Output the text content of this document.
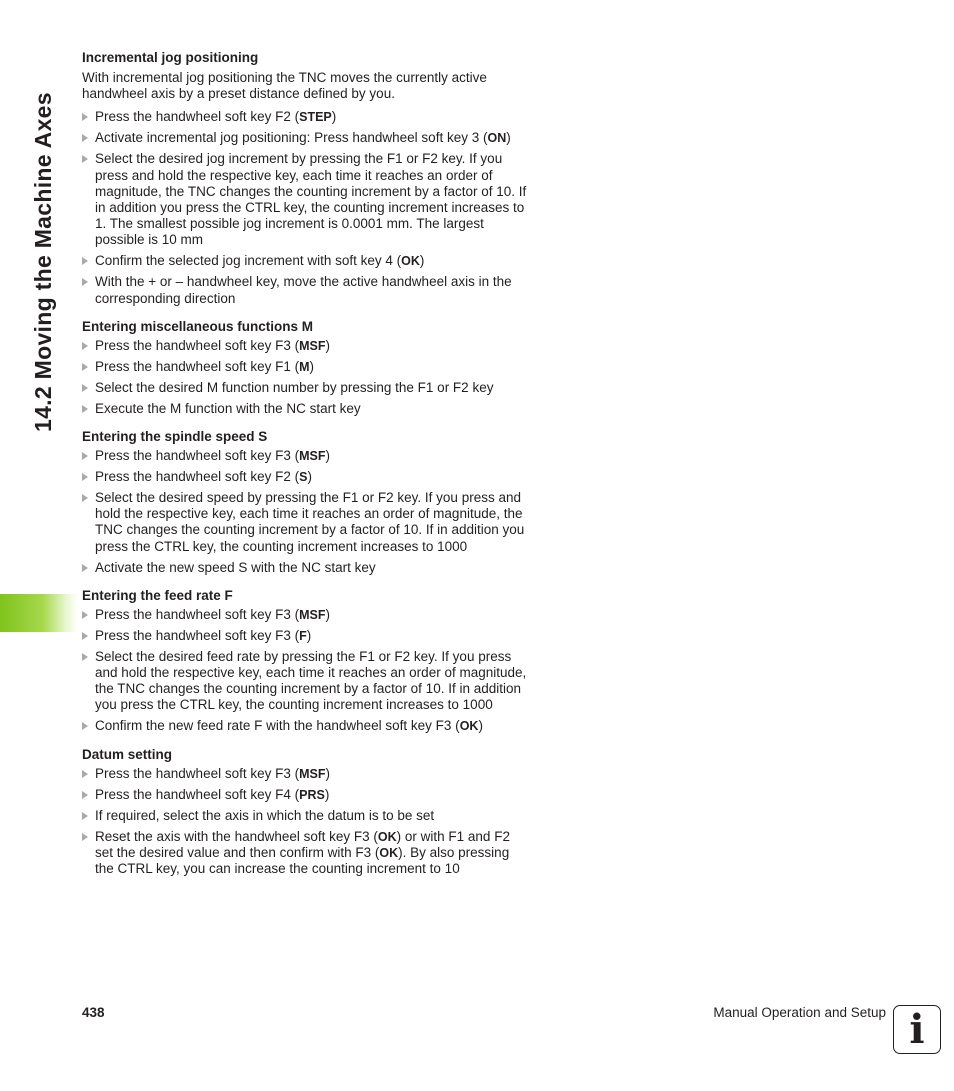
14.2 Moving the Machine Axes
Incremental jog positioning

With incremental jog positioning the TNC moves the currently active handwheel axis by a preset distance defined by you.

Press the handwheel soft key F2 (STEP)
Activate incremental jog positioning: Press handwheel soft key 3 (ON)
Select the desired jog increment by pressing the F1 or F2 key. If you press and hold the respective key, each time it reaches an order of magnitude, the TNC changes the counting increment by a factor of 10. If in addition you press the CTRL key, the counting increment increases to 1. The smallest possible jog increment is 0.0001 mm. The largest possible is 10 mm
Confirm the selected jog increment with soft key 4 (OK)
With the + or – handwheel key, move the active handwheel axis in the corresponding direction
Entering miscellaneous functions M
Press the handwheel soft key F3 (MSF)
Press the handwheel soft key F1 (M)
Select the desired M function number by pressing the F1 or F2 key
Execute the M function with the NC start key
Entering the spindle speed S
Press the handwheel soft key F3 (MSF)
Press the handwheel soft key F2 (S)
Select the desired speed by pressing the F1 or F2 key. If you press and hold the respective key, each time it reaches an order of magnitude, the TNC changes the counting increment by a factor of 10. If in addition you press the CTRL key, the counting increment increases to 1000
Activate the new speed S with the NC start key
Entering the feed rate F
Press the handwheel soft key F3 (MSF)
Press the handwheel soft key F3 (F)
Select the desired feed rate by pressing the F1 or F2 key. If you press and hold the respective key, each time it reaches an order of magnitude, the TNC changes the counting increment by a factor of 10. If in addition you press the CTRL key, the counting increment increases to 1000
Confirm the new feed rate F with the handwheel soft key F3 (OK)
Datum setting
Press the handwheel soft key F3 (MSF)
Press the handwheel soft key F4 (PRS)
If required, select the axis in which the datum is to be set
Reset the axis with the handwheel soft key F3 (OK) or with F1 and F2 set the desired value and then confirm with F3 (OK). By also pressing the CTRL key, you can increase the counting increment to 10
438	Manual Operation and Setup i
